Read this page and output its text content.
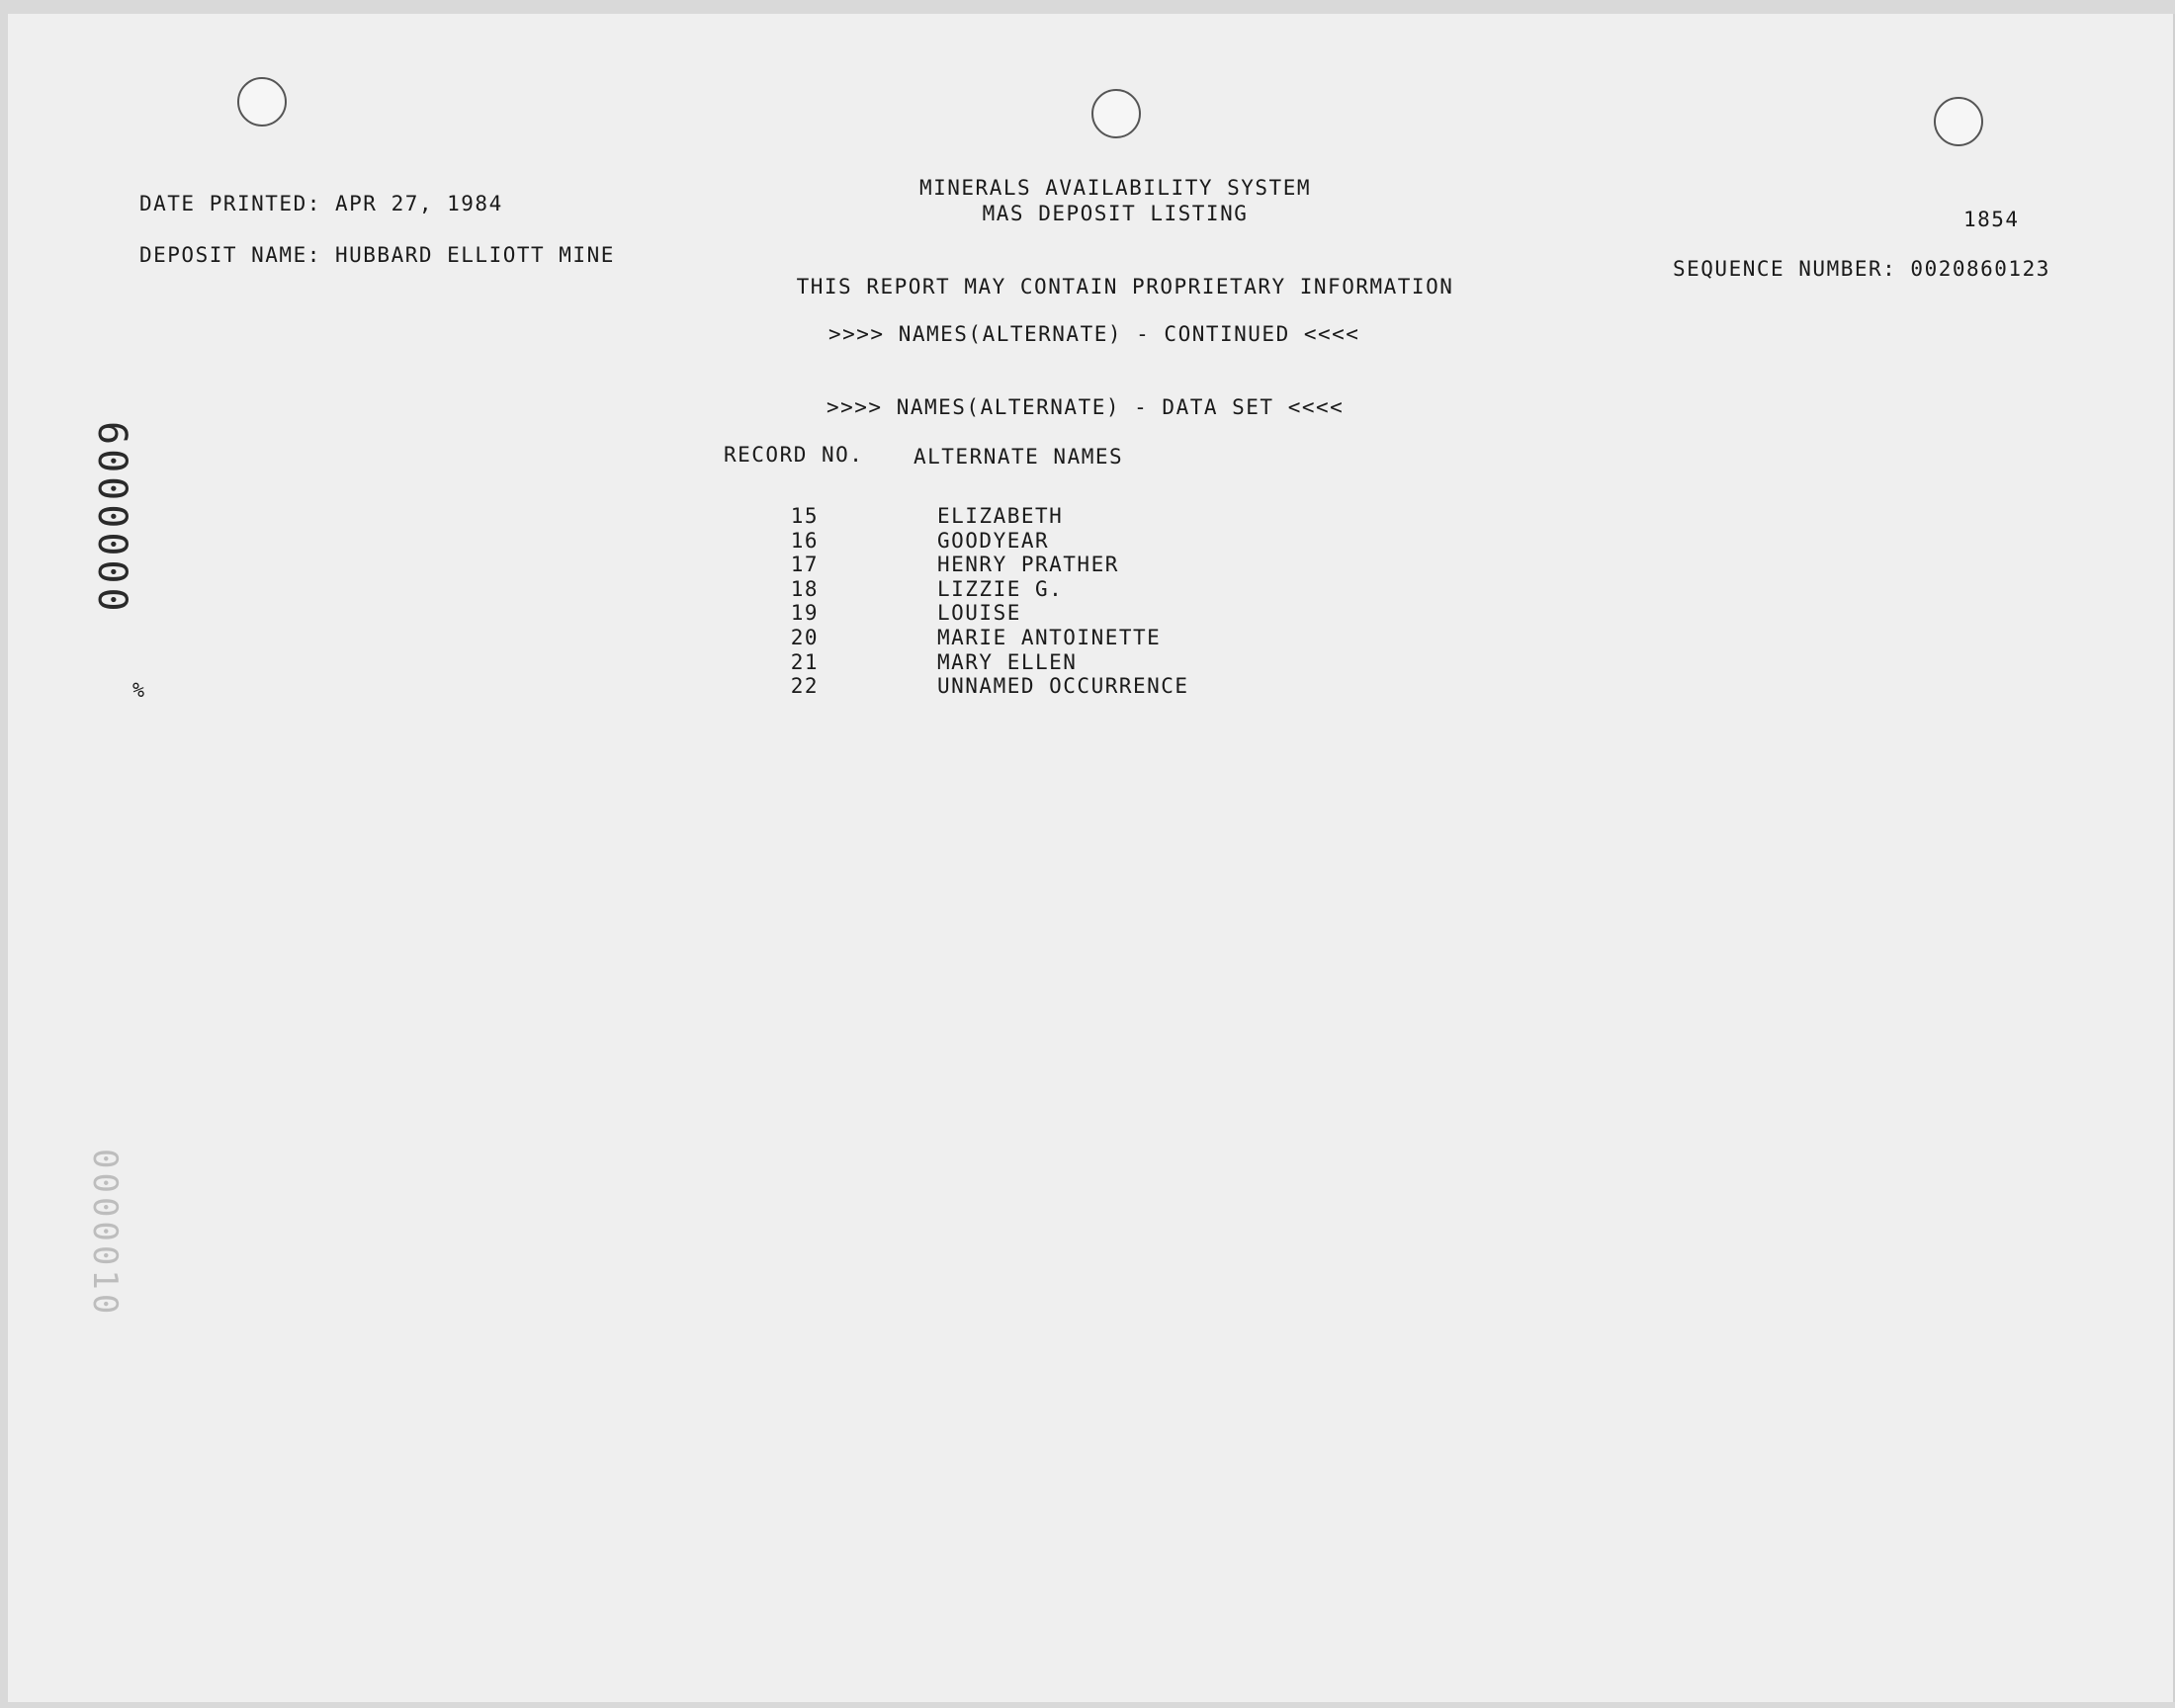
DATE PRINTED: APR 27, 1984
DEPOSIT NAME: HUBBARD ELLIOTT MINE
MINERALS AVAILABILITY SYSTEM
MAS DEPOSIT LISTING
THIS REPORT MAY CONTAIN PROPRIETARY INFORMATION
1854
SEQUENCE NUMBER: 0020860123
>>>> NAMES(ALTERNATE) - CONTINUED <<<<
>>>> NAMES(ALTERNATE) - DATA SET <<<<
RECORD NO. ALTERNATE NAMES
15	ELIZABETH
16	GOODYEAR
17	HENRY PRATHER
18	LIZZIE G.
19	LOUISE
20	MARIE ANTOINETTE
21	MARY ELLEN
22	UNNAMED OCCURRENCE
6000000
%
0000010
